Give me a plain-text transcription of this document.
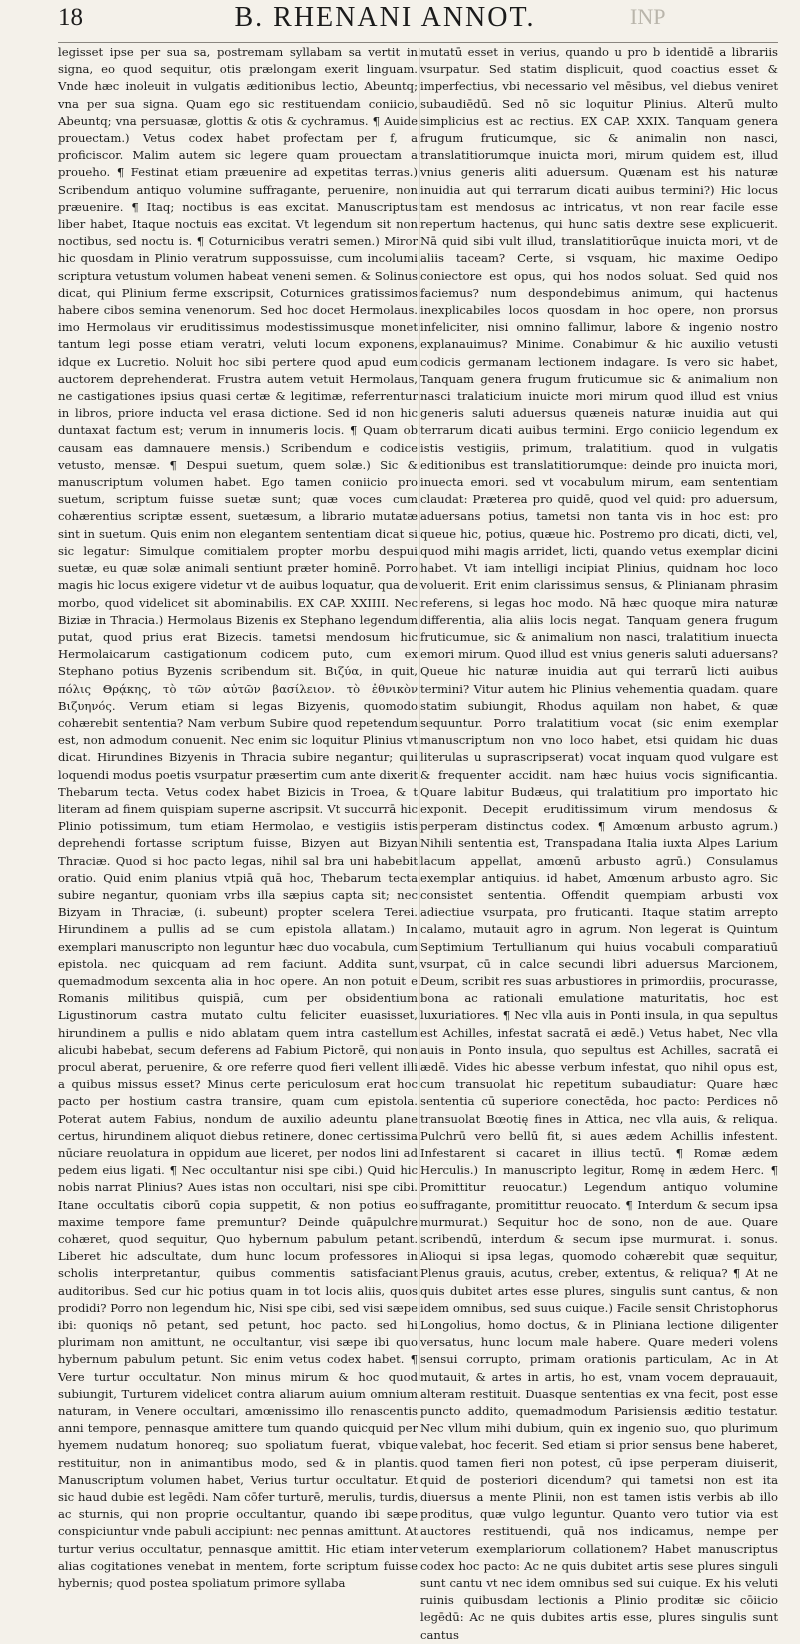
18	B. RHENANI ANNOT.	INP

legisset ipse per sua sa, postremam syllabam sa vertit in signa, eo quod sequitur, otis prælongam exerit linguam. Vnde hæc inoleuit in vulgatis æditionibus lectio, Abeuntq; vna per sua signa. Quam ego sic restituendam coniicio, Abeuntq; vna persuasæ, glottis & otis & cychramus. ¶ Auide prouectam.) Vetus codex habet profectam per f, a proficiscor. Malim autem sic legere quam prouectam a proueho. ¶ Festinat etiam præuenire ad expetitas terras.) Scribendum antiquo volumine suffragante, peruenire, non præuenire. ¶ Itaq; noctibus is eas excitat. Manuscriptus liber habet, Itaque noctuis eas excitat. Vt legendum sit non noctibus, sed noctu is. ¶ Coturnicibus veratri semen.) Miror hic quosdam in Plinio veratrum suppossuisse, cum incolumi scriptura vetustum volumen habeat veneni semen. & Solinus dicat, qui Plinium ferme exscripsit, Coturnices gratissimos habere cibos semina venenorum. Sed hoc docet Hermolaus. imo Hermolaus vir eruditissimus modestissimusque monet tantum legi posse etiam veratri, veluti locum exponens, idque ex Lucretio. Noluit hoc sibi pertere quod apud eum auctorem deprehenderat. Frustra autem vetuit Hermolaus, ne castigationes ipsius quasi certæ & legitimæ, referrentur in libros, priore inducta vel erasa dictione. Sed id non hic duntaxat factum est; verum in innumeris locis. ¶ Quam ob causam eas damnauere mensis.) Scribendum e codice vetusto, mensæ. ¶ Despui suetum, quem solæ.) Sic & manuscriptum volumen habet. Ego tamen coniicio pro suetum, scriptum fuisse suetæ sunt; quæ voces cum cohærentius scriptæ essent, suetæsum, a librario mutatæ sint in suetum. Quis enim non elegantem sententiam dicat si sic legatur: Simulque comitialem propter morbu despui suetæ, eu quæ solæ animali sentiunt præter hominē. Porro magis hic locus exigere videtur vt de auibus loquatur, qua de morbo, quod videlicet sit abominabilis. EX CAP. XXIIII. Nec Biziæ in Thracia.) Hermolaus Bizenis ex Stephano legendum putat, quod prius erat Bizecis. tametsi mendosum hic Hermolaicarum castigationum codicem puto, cum ex Stephano potius Byzenis scribendum sit. Βιζύα, in quit, πόλις Θρᾴκης, τὸ τῶν αὐτῶν βασίλειον. τὸ ἐθνικὸν Βιζυηνός. Verum etiam si legas Bizyenis, quomodo cohærebit sententia? Nam verbum Subire quod repetendum est, non admodum conuenit. Nec enim sic loquitur Plinius vt dicat. Hirundines Bizyenis in Thracia subire negantur; qui loquendi modus poetis vsurpatur præsertim cum ante dixerit Thebarum tecta. Vetus codex habet Bizicis in Troea, & t literam ad finem quispiam superne ascripsit. Vt succurrā hic Plinio potissimum, tum etiam Hermolao, e vestigiis istis deprehendi fortasse scriptum fuisse, Bizyen aut Bizyan Thraciæ. Quod si hoc pacto legas, nihil sal bra uni habebit oratio. Quid enim planius vtpiā quā hoc, Thebarum tecta subire negantur, quoniam vrbs illa sæpius capta sit; nec Bizyam in Thraciæ, (i. subeunt) propter scelera Terei. Hirundinem a pullis ad se cum epistola allatam.) In exemplari manuscripto non leguntur hæc duo vocabula, cum epistola. nec quicquam ad rem faciunt. Addita sunt, quemadmodum sexcenta alia in hoc opere. An non potuit e Romanis militibus quispiā, cum per obsidentium Ligustinorum castra mutato cultu feliciter euasisset, hirundinem a pullis e nido ablatam quem intra castellum alicubi habebat, secum deferens ad Fabium Pictorē, qui non procul aberat, peruenire, & ore referre quod fieri vellent illi a quibus missus esset? Minus certe periculosum erat hoc pacto per hostium castra transire, quam cum epistola. Poterat autem Fabius, nondum de auxilio adeuntu plane certus, hirundinem aliquot diebus retinere, donec certissima nūciare reuolatura in oppidum aue liceret, per nodos lini ad pedem eius ligati. ¶ Nec occultantur nisi spe cibi.) Quid hic nobis narrat Plinius? Aues istas non occultari, nisi spe cibi. Itane occultatis ciborū copia suppetit, & non potius eo maxime tempore fame premuntur? Deinde quāpulchre cohæret, quod sequitur, Quo hybernum pabulum petant. Liberet hic adscultate, dum hunc locum professores in scholis interpretantur, quibus commentis satisfaciant auditoribus. Sed cur hic potius quam in tot locis aliis, quos prodidi? Porro non legendum hic, Nisi spe cibi, sed visi sæpe ibi: quoniqs nō petant, sed petunt, hoc pacto. sed hi plurimam non amittunt, ne occultantur, visi sæpe ibi quo hybernum pabulum petunt. Sic enim vetus codex habet. ¶ Vere turtur occultatur. Non minus mirum & hoc quod subiungit, Turturem videlicet contra aliarum auium omnium naturam, in Venere occultari, amœnissimo illo renascentis anni tempore, pennasque amittere tum quando quicquid per hyemem nudatum honoreq; suo spoliatum fuerat, vbique restituitur, non in animantibus modo, sed & in plantis. Manuscriptum volumen habet, Verius turtur occultatur. Et sic haud dubie est legēdi. Nam cōfer turturē, merulis, turdis, ac sturnis, qui non proprie occultantur, quando ibi sæpe conspiciuntur vnde pabuli accipiunt: nec pennas amittunt. At turtur verius occultatur, pennasque amittit. Hic etiam inter alias cogitationes venebat in mentem, forte scriptum fuisse hybernis; quod postea spoliatum primore syllaba

mutatū esset in verius, quando u pro b identidē a librariis vsurpatur. Sed statim displicuit, quod coactius esset & imperfectius, vbi necessario vel mēsibus, vel diebus veniret subaudiēdū. Sed nō sic loquitur Plinius. Alterū multo simplicius est ac rectius. EX CAP. XXIX. Tanquam genera frugum fruticumque, sic & animalin non nasci, translatitiorumque inuicta mori, mirum quidem est, illud vnius generis aliti aduersum. Quænam est his naturæ inuidia aut qui terrarum dicati auibus termini?) Hic locus tam est mendosus ac intricatus, vt non rear facile esse repertum hactenus, qui hunc satis dextre sese explicuerit. Nā quid sibi vult illud, translatitiorūque inuicta mori, vt de aliis taceam? Certe, si vsquam, hic maxime Oedipo coniectore est opus, qui hos nodos soluat. Sed quid nos faciemus? num despondebimus animum, qui hactenus inexplicabiles locos quosdam in hoc opere, non prorsus infeliciter, nisi omnino fallimur, labore & ingenio nostro explanauimus? Minime. Conabimur & hic auxilio vetusti codicis germanam lectionem indagare. Is vero sic habet, Tanquam genera frugum fruticumue sic & animalium non nasci tralaticium inuicte mori mirum quod illud est vnius generis saluti aduersus quæneis naturæ inuidia aut qui terrarum dicati auibus termini. Ergo coniicio legendum ex istis vestigiis, primum, tralatitium. quod in vulgatis editionibus est translatitiorumque: deinde pro inuicta mori, inuecta emori. sed vt vocabulum mirum, eam sententiam claudat: Præterea pro quidē, quod vel quid: pro aduersum, aduersans potius, tametsi non tanta vis in hoc est: pro queue hic, potius, quæue hic. Postremo pro dicati, dicti, vel, quod mihi magis arridet, licti, quando vetus exemplar dicini habet. Vt iam intelligi incipiat Plinius, quidnam hoc loco voluerit. Erit enim clarissimus sensus, & Plinianam phrasim referens, si legas hoc modo. Nā hæc quoque mira naturæ differentia, alia aliis locis negat. Tanquam genera frugum fruticumue, sic & animalium non nasci, tralatitium inuecta emori mirum. Quod illud est vnius generis saluti aduersans? Queue hic naturæ inuidia aut qui terrarū licti auibus termini? Vitur autem hic Plinius vehementia quadam. quare statim subiungit, Rhodus aquilam non habet, & quæ sequuntur. Porro tralatitium vocat (sic enim exemplar manuscriptum non vno loco habet, etsi quidam hic duas literulas u suprascripserat) vocat inquam quod vulgare est & frequenter accidit. nam hæc huius vocis significantia. Quare labitur Budæus, qui tralatitium pro importato hic exponit. Decepit eruditissimum virum mendosus & perperam distinctus codex. ¶ Amœnum arbusto agrum.) Nihili sententia est, Transpadana Italia iuxta Alpes Larium lacum appellat, amœnū arbusto agrū.) Consulamus exemplar antiquius. id habet, Amœnum arbusto agro. Sic consistet sententia. Offendit quempiam arbusti vox adiectiue vsurpata, pro fruticanti. Itaque statim arrepto calamo, mutauit agro in agrum. Non legerat is Quintum Septimium Tertullianum qui huius vocabuli comparatiuū vsurpat, cū in calce secundi libri aduersus Marcionem, Deum, scribit res suas arbustiores in primordiis, procurasse, bona ac rationali emulatione maturitatis, hoc est luxuriatiores. ¶ Nec vlla auis in Ponti insula, in qua sepultus est Achilles, infestat sacratā ei ædē.) Vetus habet, Nec vlla auis in Ponto insula, quo sepultus est Achilles, sacratā ei ædē. Vides hic abesse verbum infestat, quo nihil opus est, cum transuolat hic repetitum subaudiatur: Quare hæc sententia cū superiore conectēda, hoc pacto: Perdices nō transuolat Bœotię fines in Attica, nec vlla auis, & reliqua. Pulchrū vero bellū fit, si aues ædem Achillis infestent. Infestarent si cacaret in illius tectū. ¶ Romæ ædem Herculis.) In manuscripto legitur, Romę in ædem Herc. ¶ Promittitur reuocatur.) Legendum antiquo volumine suffragante, promitittur reuocato. ¶ Interdum & secum ipsa murmurat.) Sequitur hoc de sono, non de aue. Quare scribendū, interdum & secum ipse murmurat. i. sonus. Alioqui si ipsa legas, quomodo cohærebit quæ sequitur, Plenus grauis, acutus, creber, extentus, & reliqua? ¶ At ne quis dubitet artes esse plures, singulis sunt cantus, & non idem omnibus, sed suus cuique.) Facile sensit Christophorus Longolius, homo doctus, & in Pliniana lectione diligenter versatus, hunc locum male habere. Quare mederi volens sensui corrupto, primam orationis particulam, Ac in At mutauit, & artes in artis, ho est, vnam vocem deprauauit, alteram restituit. Duasque sententias ex vna fecit, post esse puncto addito, quemadmodum Parisiensis æditio testatur. Nec vllum mihi dubium, quin ex ingenio suo, quo plurimum valebat, hoc fecerit. Sed etiam si prior sensus bene haberet, quod tamen fieri non potest, cū ipse perperam diuiserit, quid de posteriori dicendum? qui tametsi non est ita diuersus a mente Plinii, non est tamen istis verbis ab illo proditus, quæ vulgo leguntur. Quanto vero tutior via est auctores restituendi, quā nos indicamus, nempe per veterum exemplariorum collationem? Habet manuscriptus codex hoc pacto: Ac ne quis dubitet artis sese plures singuli sunt cantu vt nec idem omnibus sed sui cuique. Ex his veluti ruinis quibusdam lectionis a Plinio proditæ sic cōiicio legēdū: Ac ne quis dubites artis esse, plures singulis sunt cantus
